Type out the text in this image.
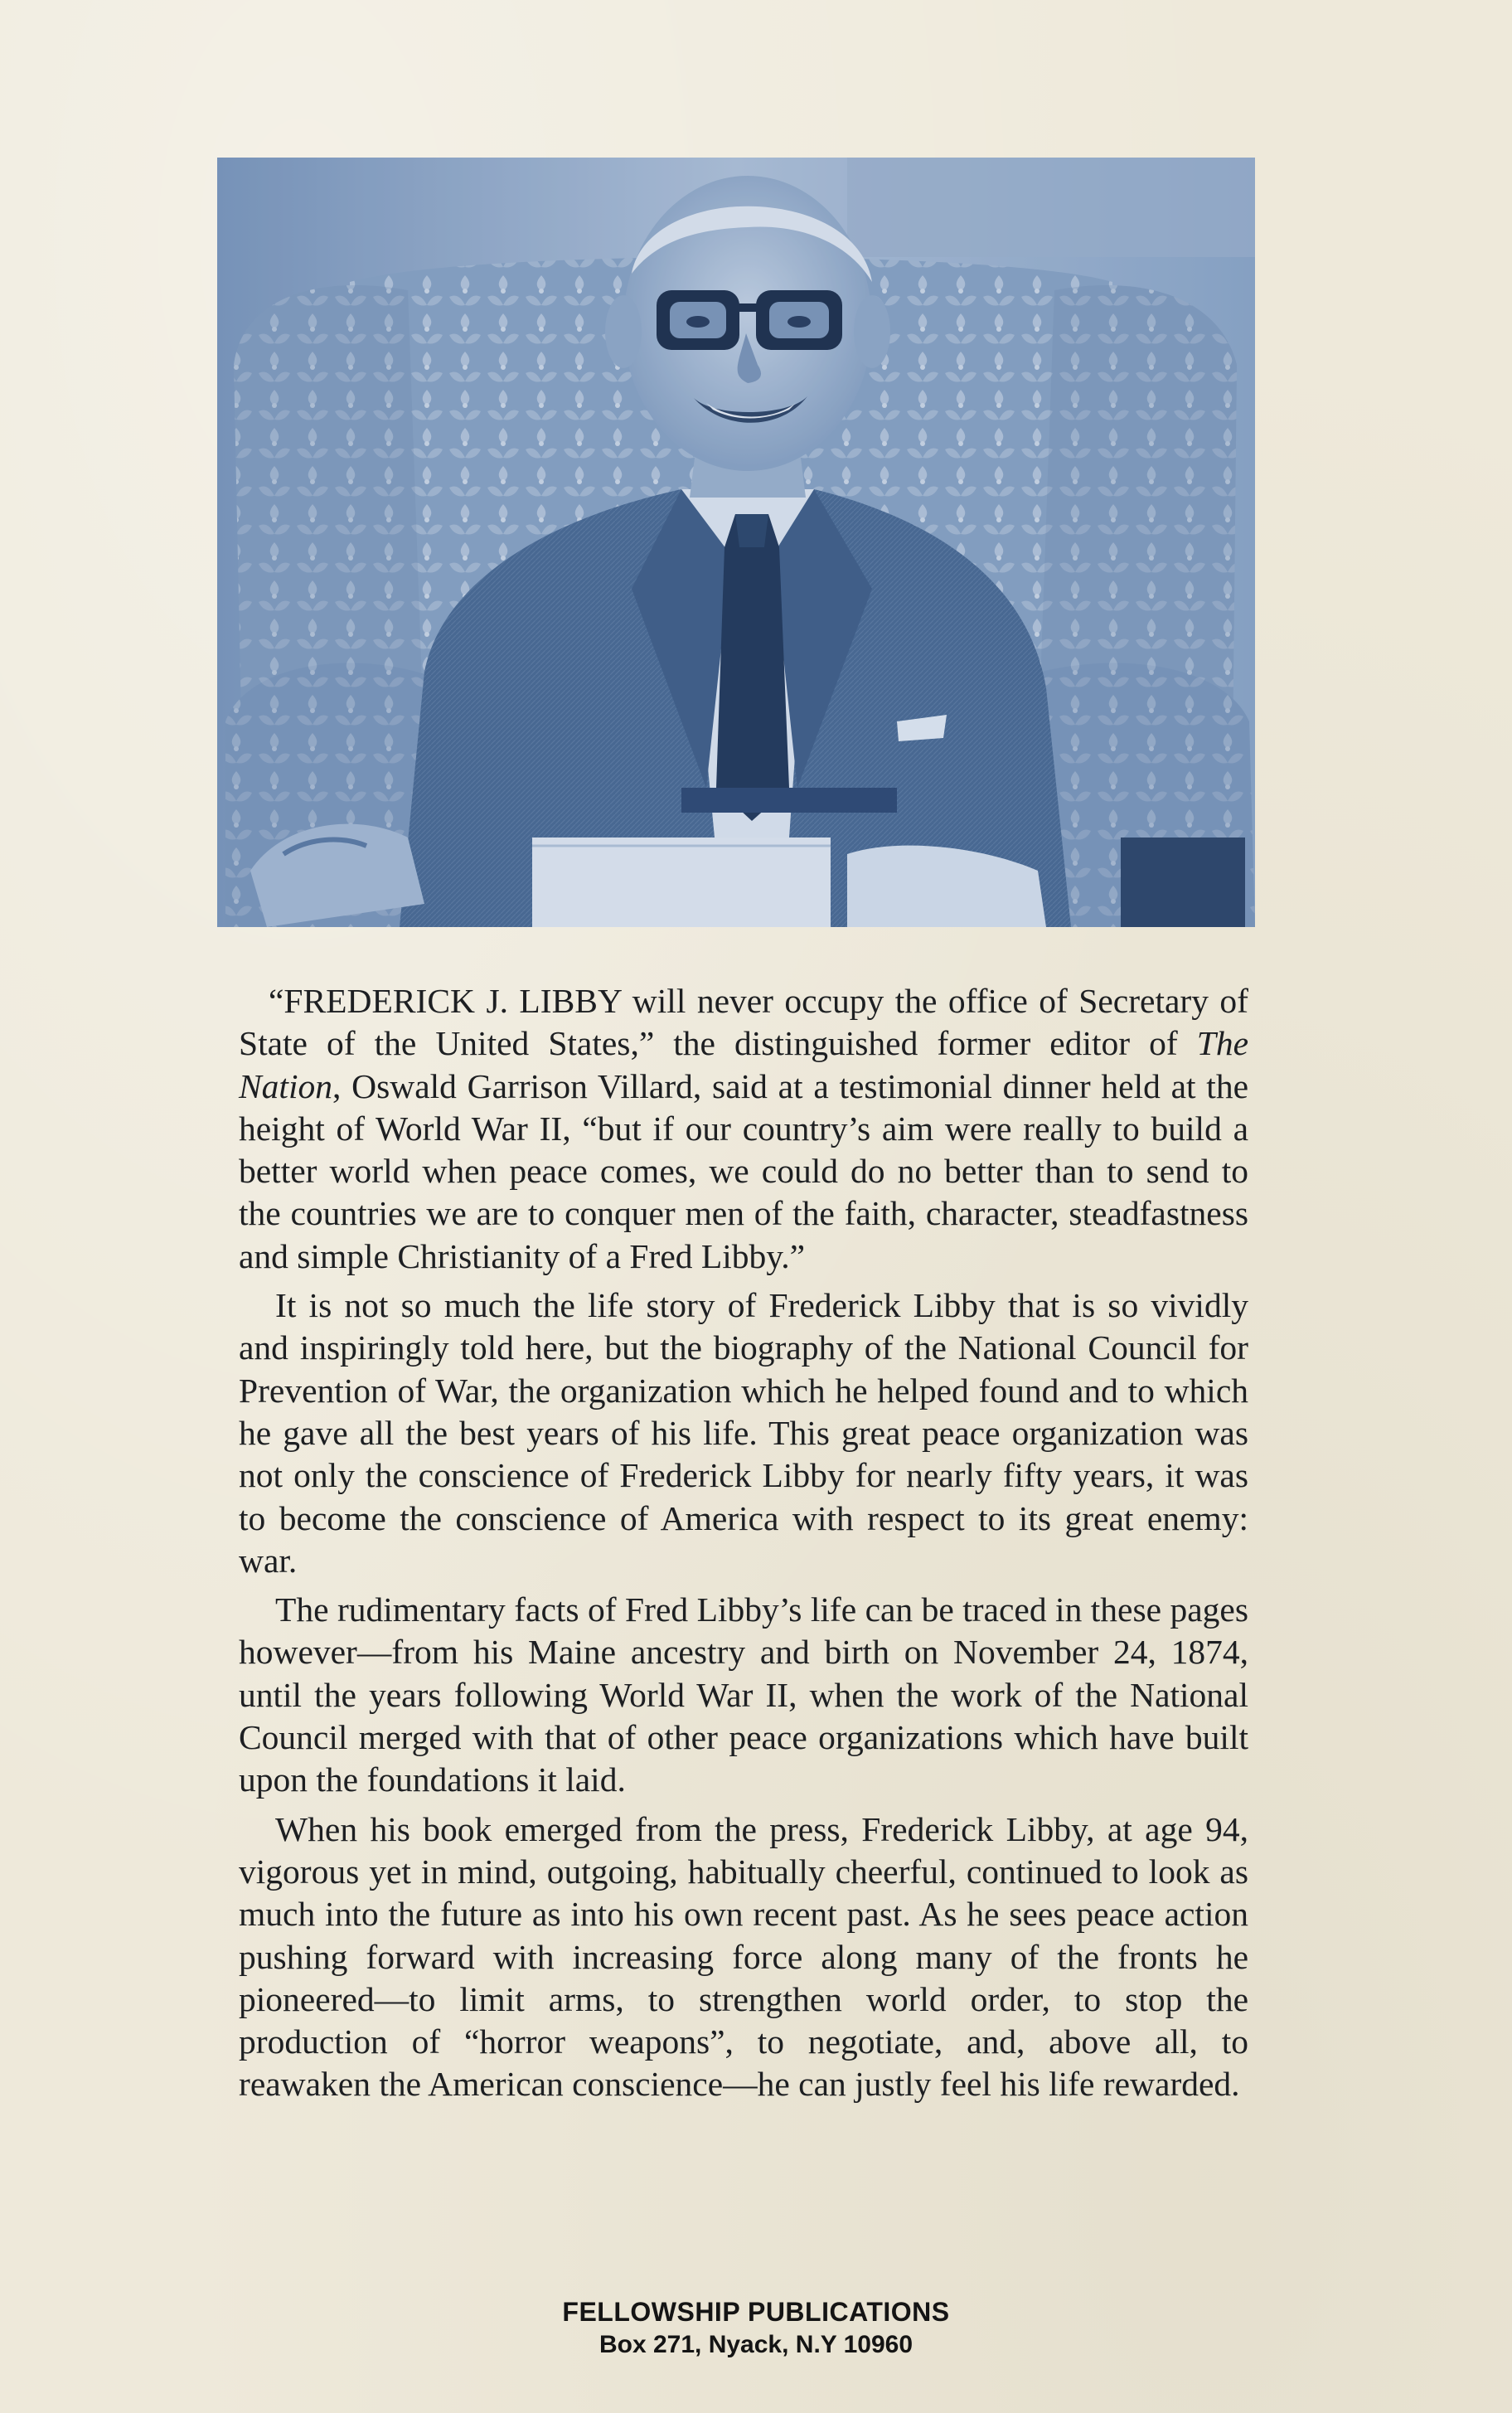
“FREDERICK J. LIBBY will never occupy the office of Secretary of State of the United States,” the distinguished former editor of The Nation, Oswald Garrison Villard, said at a testimonial dinner held at the height of World War II, “but if our country’s aim were really to build a better world when peace comes, we could do no better than to send to the countries we are to conquer men of the faith, character, steadfastness and simple Christianity of a Fred Libby.”

It is not so much the life story of Frederick Libby that is so vividly and inspiringly told here, but the biography of the National Council for Prevention of War, the organization which he helped found and to which he gave all the best years of his life. This great peace organization was not only the conscience of Frederick Libby for nearly fifty years, it was to become the conscience of America with respect to its great enemy: war.

The rudimentary facts of Fred Libby’s life can be traced in these pages however—from his Maine ancestry and birth on November 24, 1874, until the years following World War II, when the work of the National Council merged with that of other peace organizations which have built upon the foundations it laid.

When his book emerged from the press, Frederick Libby, at age 94, vigorous yet in mind, outgoing, habitually cheerful, continued to look as much into the future as into his own recent past. As he sees peace action pushing forward with increasing force along many of the fronts he pioneered—to limit arms, to strengthen world order, to stop the production of “horror weapons”, to negotiate, and, above all, to reawaken the American conscience—he can justly feel his life rewarded.

FELLOWSHIP PUBLICATIONS
Box 271, Nyack, N.Y 10960
